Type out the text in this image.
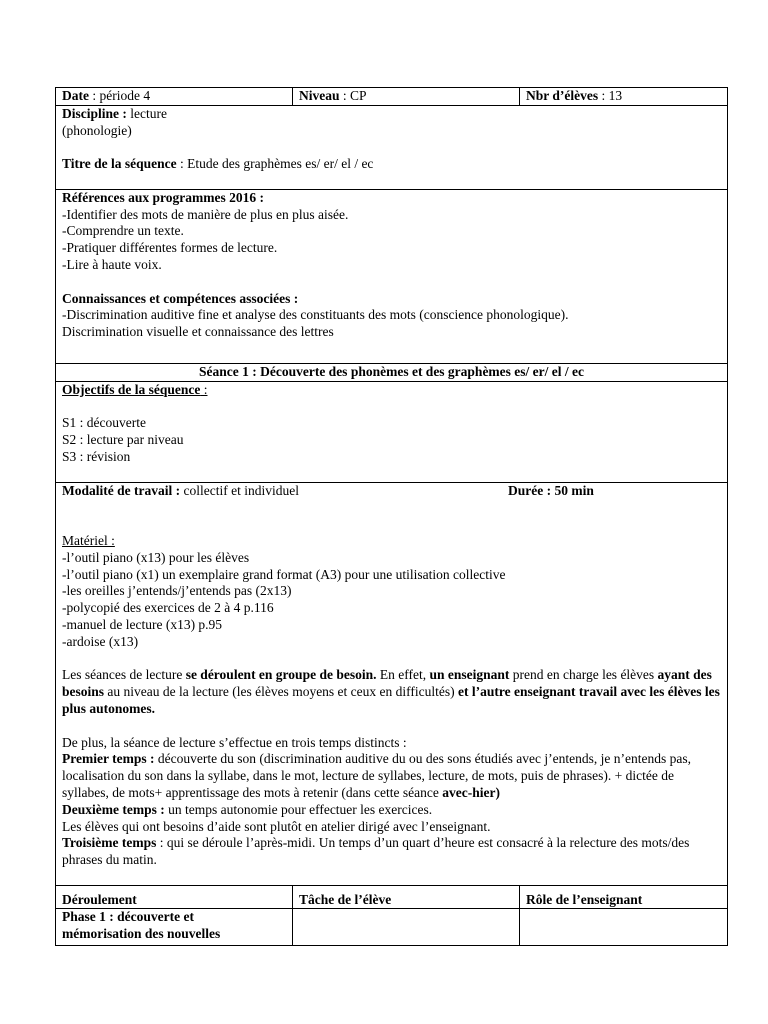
Date : période 4	Niveau : CP	Nbr d’élèves : 13

Discipline : lecture

(phonologie)

Titre de la séquence : Etude des graphèmes es/ er/ el / ec

Références aux programmes 2016 :

-Identifier des mots de manière de plus en plus aisée.

-Comprendre un texte.

-Pratiquer différentes formes de lecture.

-Lire à haute voix.

Connaissances et compétences associées :

-Discrimination auditive fine et analyse des constituants des mots (conscience phonologique).

Discrimination visuelle et connaissance des lettres

Séance 1 : Découverte des phonèmes et des graphèmes es/ er/ el / ec

Objectifs de la séquence :

S1 : découverte

S2 : lecture par niveau

S3 : révision

Modalité de travail : collectif et individuel	Durée : 50 min

Matériel :

-l’outil piano (x13) pour les élèves

-l’outil piano (x1) un exemplaire grand format (A3) pour une utilisation collective

-les oreilles j’entends/j’entends pas (2x13)

-polycopié des exercices de 2 à 4 p.116

-manuel de lecture (x13) p.95

-ardoise (x13)

Les séances de lecture se déroulent en groupe de besoin. En effet, un enseignant prend en charge les élèves ayant des besoins au niveau de la lecture (les élèves moyens et ceux en difficultés) et l’autre enseignant travail avec les élèves les plus autonomes.

De plus, la séance de lecture s’effectue en trois temps distincts :

Premier temps : découverte du son (discrimination auditive du ou des sons étudiés avec j’entends, je n’entends pas, localisation du son dans la syllabe, dans le mot, lecture de syllabes, lecture, de mots, puis de phrases). + dictée de syllabes, de mots+ apprentissage des mots à retenir (dans cette séance avec-hier)

Deuxième temps : un temps autonomie pour effectuer les exercices.

Les élèves qui ont besoins d’aide sont plutôt en atelier dirigé avec l’enseignant.

Troisième temps : qui se déroule l’après-midi. Un temps d’un quart d’heure est consacré à la relecture des mots/des phrases du matin.

Déroulement	Tâche de l’élève	Rôle de l’enseignant
Phase 1 : découverte et mémorisation des nouvelles
